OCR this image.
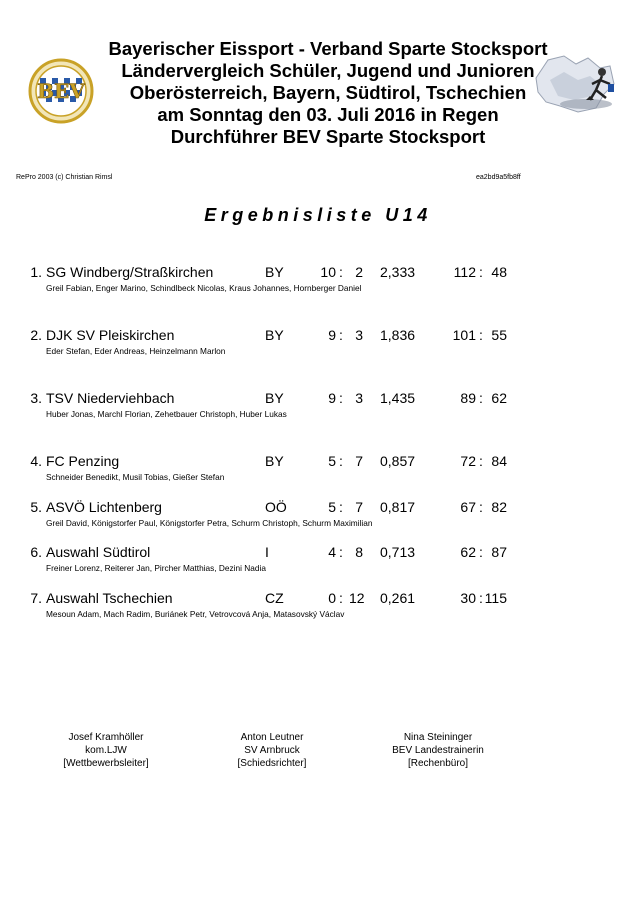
BEV
Bayerischer Eissport - Verband Sparte Stocksport
Ländervergleich Schüler, Jugend und Junioren
Oberösterreich, Bayern, Südtirol, Tschechien
am Sonntag den 03. Juli 2016 in Regen
Durchführer BEV Sparte Stocksport
RePro 2003 (c) Christian Rimsl	ea2bd9a5fb8ff
Ergebnisliste U14
1. SG Windberg/Straßkirchen	BY	10 : 2 2,333	112 : 48
Greil Fabian, Enger Marino, Schindlbeck Nicolas, Kraus Johannes, Hornberger Daniel
2. DJK SV Pleiskirchen	BY	9 : 3 1,836	101 : 55
Eder Stefan, Eder Andreas, Heinzelmann Marlon
3. TSV Niederviehbach	BY	9 : 3 1,435	89 : 62
Huber Jonas, Marchl Florian, Zehetbauer Christoph, Huber Lukas
4. FC Penzing	BY	5 : 7 0,857	72 : 84
Schneider Benedikt, Musil Tobias, Gießer Stefan
5. ASVÖ Lichtenberg	OÖ	5 : 7 0,817	67 : 82
Greil David, Königstorfer Paul, Königstorfer Petra, Schurm Christoph, Schurm Maximilian
6. Auswahl Südtirol	I	4 : 8 0,713	62 : 87
Freiner Lorenz, Reiterer Jan, Pircher Matthias, Dezini Nadia
7. Auswahl Tschechien	CZ	0 : 12 0,261	30 : 115
Mesoun Adam, Mach Radim, Buriánek Petr, Vetrovcová Anja, Matasovský Václav
Josef Kramhöller
kom.LJW
[Wettbewerbsleiter]
Anton Leutner
SV Arnbruck
[Schiedsrichter]
Nina Steininger
BEV Landestrainerin
[Rechenbüro]
